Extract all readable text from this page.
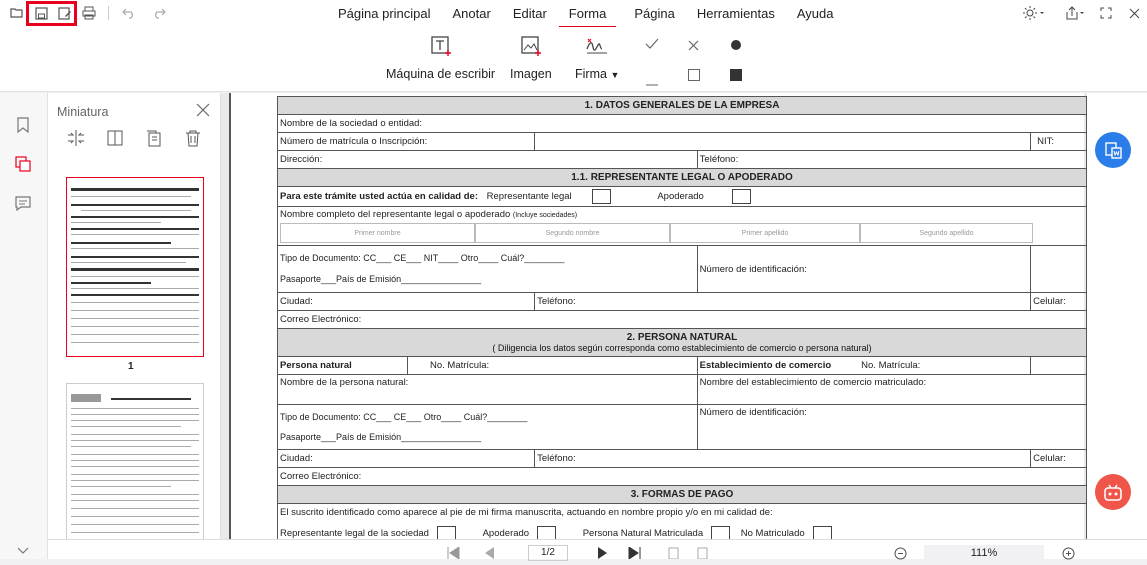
Página principal Anotar Editar Forma Página Herramientas Ayuda
Máquina de escribir Imagen Firma ▼
Miniatura
1
1. DATOS GENERALES DE LA EMPRESA				
Nombre de la sociedad o entidad:				
Número de matrícula o Inscripción:				NIT:
Dirección:			Teléfono:	
1.1. REPRESENTANTE LEGAL O APODERADO				
Para este trámite usted actúa en calidad de: Representante legal Apoderado				
Nombre completo del representante legal o apoderado (Incluye sociedades)
Primer nombre Segundo nombre Primer apellido Segundo apellido				

Tipo de Documento: CC___ CE___ NIT____ Otro____ Cuál?________
Pasaporte___País de Emisión________________			Número de identificación:	
Ciudad:		Teléfono:		Celular:
Correo Electrónico:				

2. PERSONA NATURAL
( Diligencia los datos según corresponda como establecimiento de comercio o persona natural)				

Persona natural	No. Matrícula:		Establecimiento de comercio No. Matrícula:	
Nombre de la persona natural:			Nombre del establecimiento de comercio matriculado:	

Tipo de Documento: CC___ CE___ Otro____ Cuál?________
Pasaporte___País de Emisión________________			Número de identificación:	
Ciudad:		Teléfono:		Celular:
Correo Electrónico:				
3. FORMAS DE PAGO				
El suscrito identificado como aparece al pie de mi firma manuscrita, actuando en nombre propio y/o en mi calidad de:				
Representante legal de la sociedad Apoderado Persona Natural Matriculada No Matriculado				
1/2	111%
